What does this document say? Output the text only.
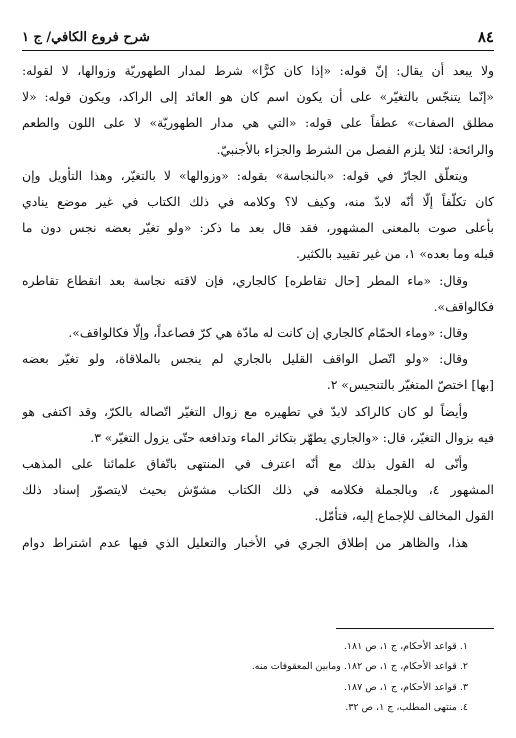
٨٤
شرح فروع الكافي/ ج ١
ولا يبعد أن يقال: إنّ قوله: «إذا كان كرًّا» شرط لمدار الطهوريّة وزوالها، لا لقوله:
«إنّما يتنجّس بالتغيّر» على أن يكون اسم كان هو العائد إلى الراكد، ويكون قوله: «لا
مطلق الصفات» عطفاً على قوله: «التي هي مدار الطهوريّة» لا على اللون والطعم
والرائحة: لئلا يلزم الفصل من الشرط والجزاء بالأجنبيّ.
ويتعلّق الجارّ في قوله: «بالنجاسة» بقوله: «وزوالها» لا بالتغيّر، وهذا التأويل وإن
كان تكلّفاً إلّا أنّه لابدّ منه، وكيف لا؟ وكلامه في ذلك الكتاب في غير موضع ينادي
بأعلى صوت بالمعنى المشهور، فقد قال بعد ما ذكر: «ولو تغيّر بعضه نجس دون ما
قبله وما بعده» ١، من غير تقييد بالكثير.
وقال: «ماء المطر [حال تقاطره] كالجاري، فإن لاقته نجاسة بعد انقطاع تقاطره
فكالواقف».
وقال: «وماء الحمّام كالجاري إن كانت له مادّة هي كرّ فصاعداً، وإلّا فكالواقف».
وقال: «ولو اتّصل الواقف القليل بالجاري لم ينجس بالملاقاة، ولو تغيّر بعضه
[بها] اختصّ المتغيّر بالتنجيس» ٢.
وأيضاً لو كان كالراكد لابدّ في تطهيره مع زوال التغيّر اتّصاله بالكرّ، وقد اكتفى هو
فيه بزوال التغيّر، قال: «والجاري يطهّر بتكاثر الماء وتدافعه حتّى يزول التغيّر» ٣.
وأنّى له القول بذلك مع أنّه اعترف في المنتهى باتّفاق علمائنا على المذهب
المشهور ٤، وبالجملة فكلامه في ذلك الكتاب مشوّش بحيث لايتصوّر إسناد ذلك
القول المخالف للإجماع إليه، فتأمّل.
هذا، والظاهر من إطلاق الجري في الأخبار والتعليل الذي فيها عدم اشتراط دوام
١. قواعد الأحكام، ج ١، ص ١٨١.
٢. قواعد الأحكام، ج ١، ص ١٨٢. ومابين المعقوفات منه.
٣. قواعد الأحكام، ج ١، ص ١٨٧.
٤. منتهى المطلب، ج ١، ص ٣٢.
